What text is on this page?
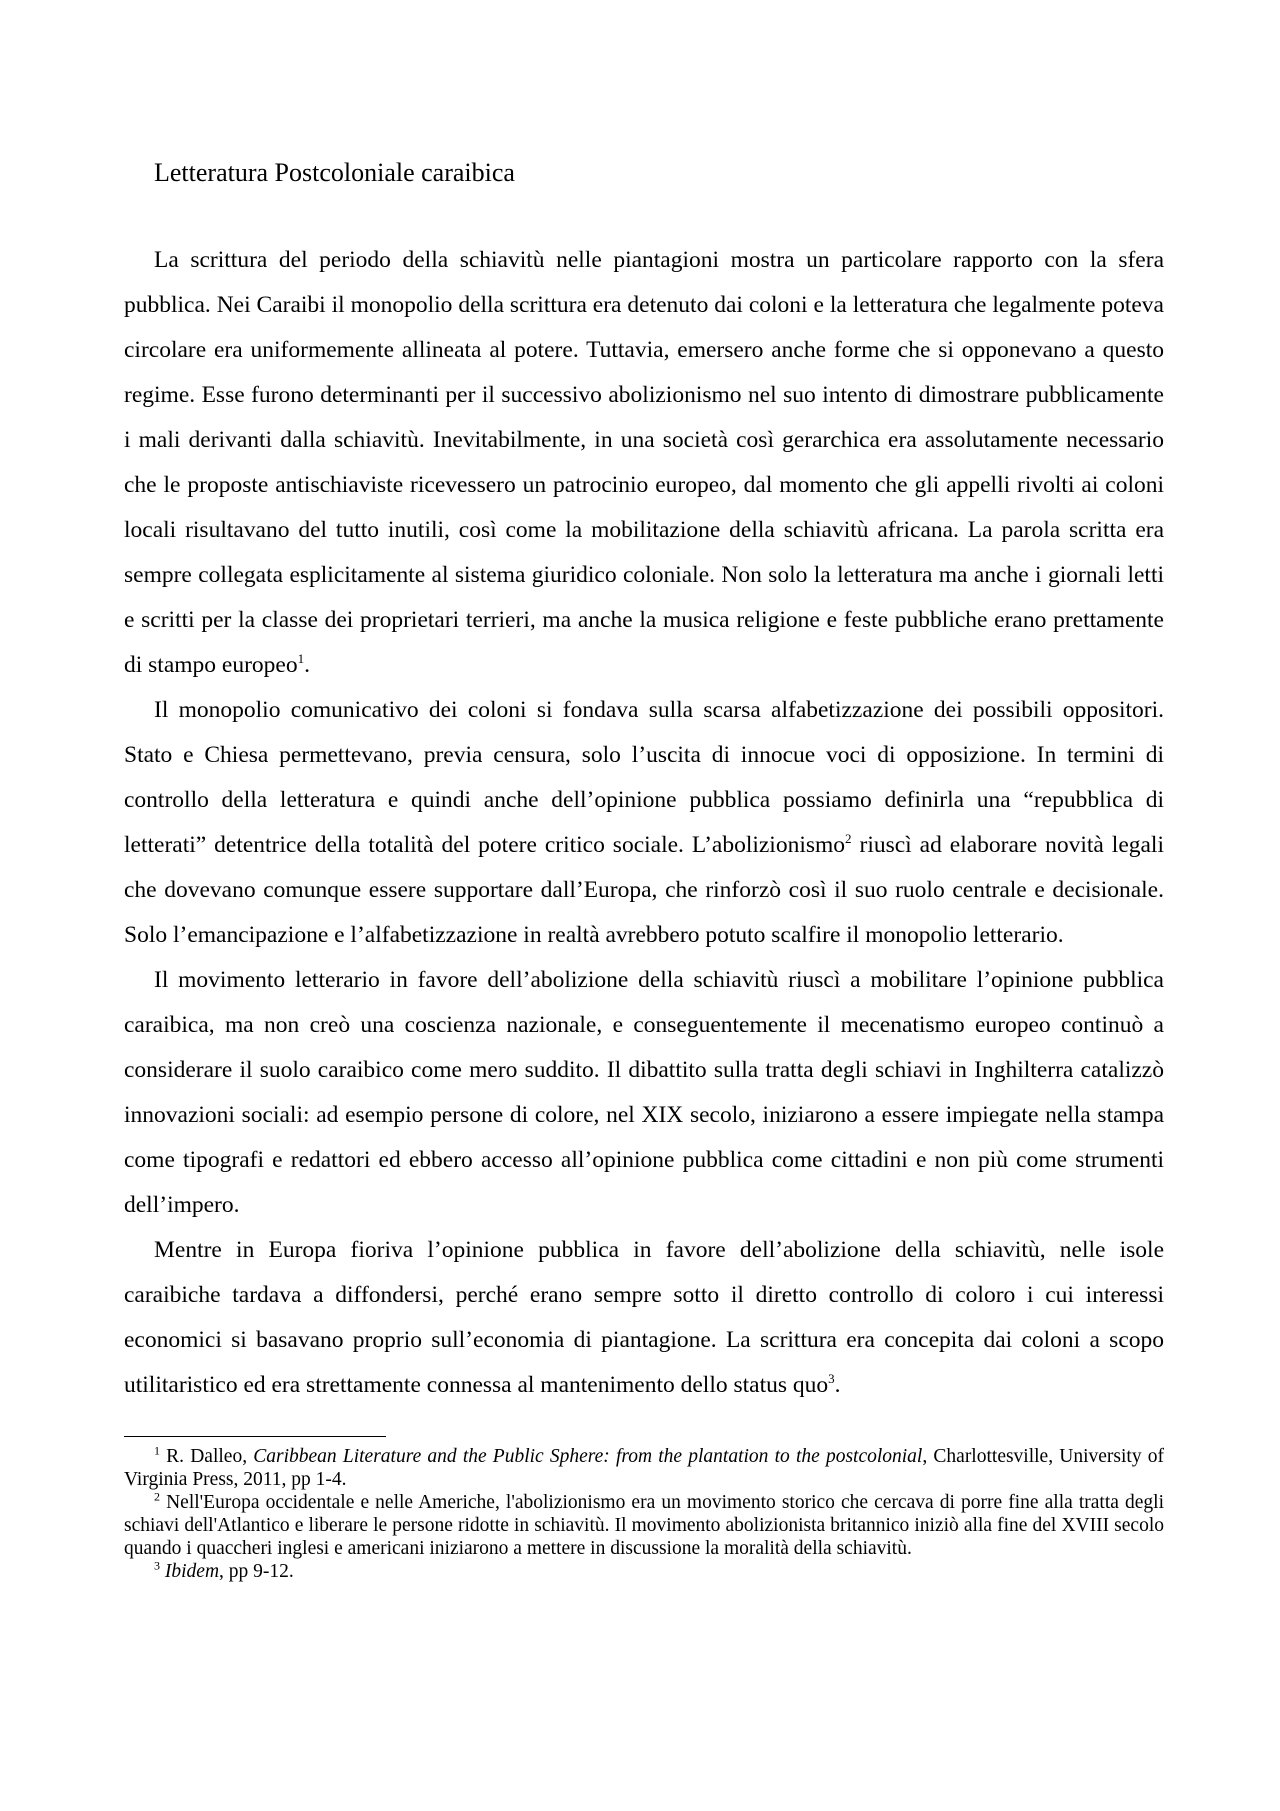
Letteratura Postcoloniale caraibica

La scrittura del periodo della schiavitù nelle piantagioni mostra un particolare rapporto con la sfera pubblica. Nei Caraibi il monopolio della scrittura era detenuto dai coloni e la letteratura che legalmente poteva circolare era uniformemente allineata al potere. Tuttavia, emersero anche forme che si opponevano a questo regime. Esse furono determinanti per il successivo abolizionismo nel suo intento di dimostrare pubblicamente i mali derivanti dalla schiavitù. Inevitabilmente, in una società così gerarchica era assolutamente necessario che le proposte antischiaviste ricevessero un patrocinio europeo, dal momento che gli appelli rivolti ai coloni locali risultavano del tutto inutili, così come la mobilitazione della schiavitù africana. La parola scritta era sempre collegata esplicitamente al sistema giuridico coloniale. Non solo la letteratura ma anche i giornali letti e scritti per la classe dei proprietari terrieri, ma anche la musica religione e feste pubbliche erano prettamente di stampo europeo$^1$.

Il monopolio comunicativo dei coloni si fondava sulla scarsa alfabetizzazione dei possibili oppositori. Stato e Chiesa permettevano, previa censura, solo l’uscita di innocue voci di opposizione. In termini di controllo della letteratura e quindi anche dell’opinione pubblica possiamo definirla una “repubblica di letterati” detentrice della totalità del potere critico sociale. L’abolizionismo$^2$ riuscì ad elaborare novità legali che dovevano comunque essere supportare dall’Europa, che rinforzò così il suo ruolo centrale e decisionale. Solo l’emancipazione e l’alfabetizzazione in realtà avrebbero potuto scalfire il monopolio letterario.

Il movimento letterario in favore dell’abolizione della schiavitù riuscì a mobilitare l’opinione pubblica caraibica, ma non creò una coscienza nazionale, e conseguentemente il mecenatismo europeo continuò a considerare il suolo caraibico come mero suddito. Il dibattito sulla tratta degli schiavi in Inghilterra catalizzò innovazioni sociali: ad esempio persone di colore, nel XIX secolo, iniziarono a essere impiegate nella stampa come tipografi e redattori ed ebbero accesso all’opinione pubblica come cittadini e non più come strumenti dell’impero.

Mentre in Europa fioriva l’opinione pubblica in favore dell’abolizione della schiavitù, nelle isole caraibiche tardava a diffondersi, perché erano sempre sotto il diretto controllo di coloro i cui interessi economici si basavano proprio sull’economia di piantagione. La scrittura era concepita dai coloni a scopo utilitaristico ed era strettamente connessa al mantenimento dello status quo$^3$.

$^1$ R. Dalleo, Caribbean Literature and the Public Sphere: from the plantation to the postcolonial, Charlottesville, University of Virginia Press, 2011, pp 1-4.

$^2$ Nell'Europa occidentale e nelle Americhe, l'abolizionismo era un movimento storico che cercava di porre fine alla tratta degli schiavi dell'Atlantico e liberare le persone ridotte in schiavitù. Il movimento abolizionista britannico iniziò alla fine del XVIII secolo quando i quaccheri inglesi e americani iniziarono a mettere in discussione la moralità della schiavitù.

$^3$ Ibidem, pp 9-12.
